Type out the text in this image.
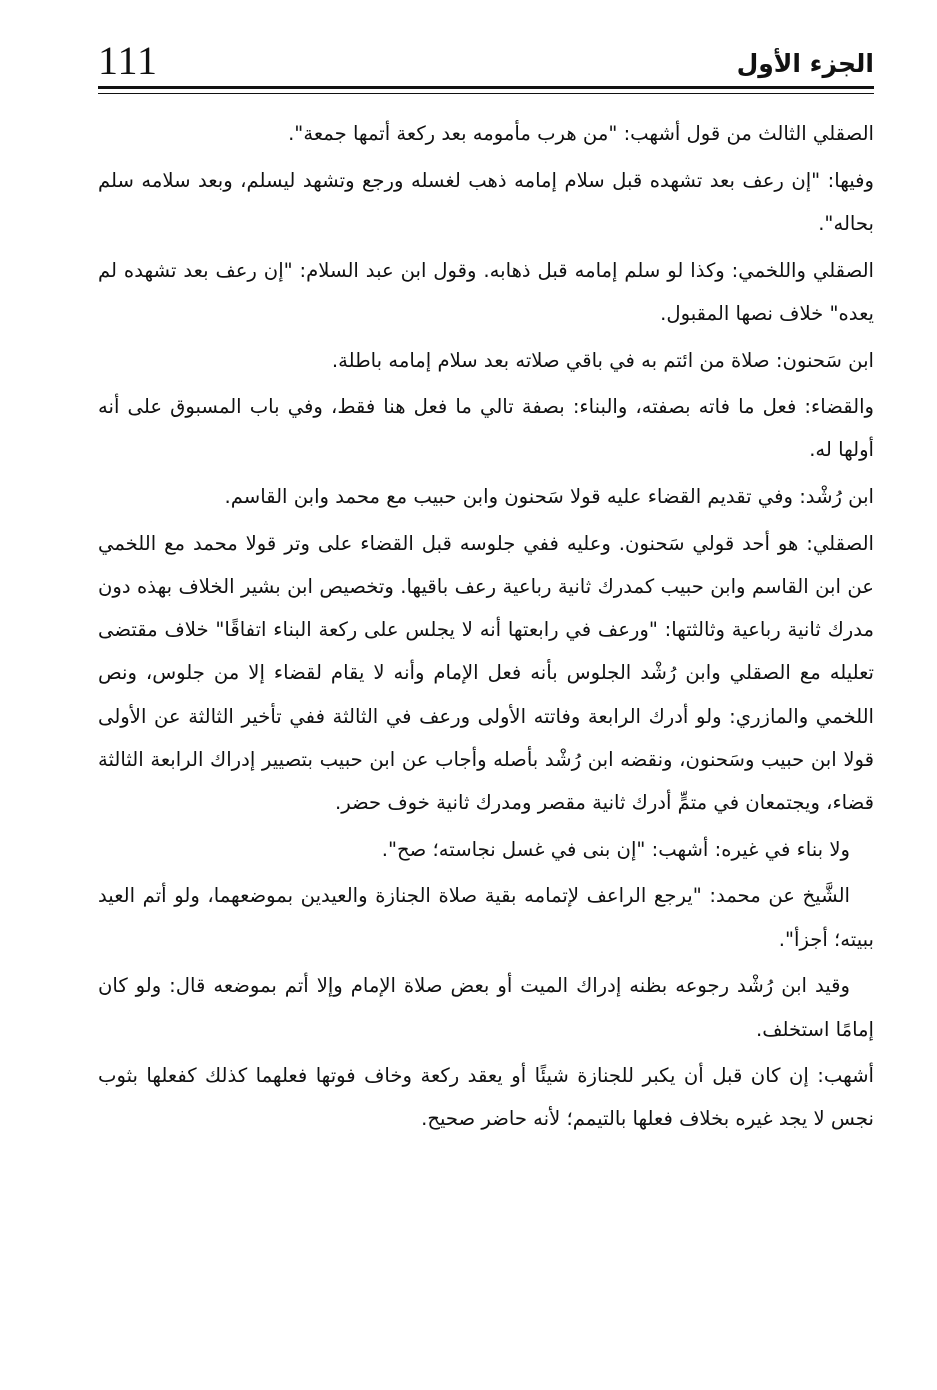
111	الجزء الأول

الصقلي الثالث من قول أشهب: "من هرب مأمومه بعد ركعة أتمها جمعة".

وفيها: "إن رعف بعد تشهده قبل سلام إمامه ذهب لغسله ورجع وتشهد ليسلم، وبعد سلامه سلم بحاله".

الصقلي واللخمي: وكذا لو سلم إمامه قبل ذهابه. وقول ابن عبد السلام: "إن رعف بعد تشهده لم يعده" خلاف نصها المقبول.

ابن سَحنون: صلاة من ائتم به في باقي صلاته بعد سلام إمامه باطلة.

والقضاء: فعل ما فاته بصفته، والبناء: بصفة تالي ما فعل هنا فقط، وفي باب المسبوق على أنه أولها له.

ابن رُشْد: وفي تقديم القضاء عليه قولا سَحنون وابن حبيب مع محمد وابن القاسم.

الصقلي: هو أحد قولي سَحنون. وعليه ففي جلوسه قبل القضاء على وتر قولا محمد مع اللخمي عن ابن القاسم وابن حبيب كمدرك ثانية رباعية رعف باقيها. وتخصيص ابن بشير الخلاف بهذه دون مدرك ثانية رباعية وثالثتها: "ورعف في رابعتها أنه لا يجلس على ركعة البناء اتفاقًا" خلاف مقتضى تعليله مع الصقلي وابن رُشْد الجلوس بأنه فعل الإمام وأنه لا يقام لقضاء إلا من جلوس، ونص اللخمي والمازري: ولو أدرك الرابعة وفاتته الأولى ورعف في الثالثة ففي تأخير الثالثة عن الأولى قولا ابن حبيب وسَحنون، ونقضه ابن رُشْد بأصله وأجاب عن ابن حبيب بتصيير إدراك الرابعة الثالثة قضاء، ويجتمعان في متمٍّ أدرك ثانية مقصر ومدرك ثانية خوف حضر.

ولا بناء في غيره: أشهب: "إن بنى في غسل نجاسته؛ صح".

الشَّيخ عن محمد: "يرجع الراعف لإتمامه بقية صلاة الجنازة والعيدين بموضعهما، ولو أتم العيد ببيته؛ أجزأ".

وقيد ابن رُشْد رجوعه بظنه إدراك الميت أو بعض صلاة الإمام وإلا أتم بموضعه قال: ولو كان إمامًا استخلف.

أشهب: إن كان قبل أن يكبر للجنازة شيئًا أو يعقد ركعة وخاف فوتها فعلهما كذلك كفعلها بثوب نجس لا يجد غيره بخلاف فعلها بالتيمم؛ لأنه حاضر صحيح.
